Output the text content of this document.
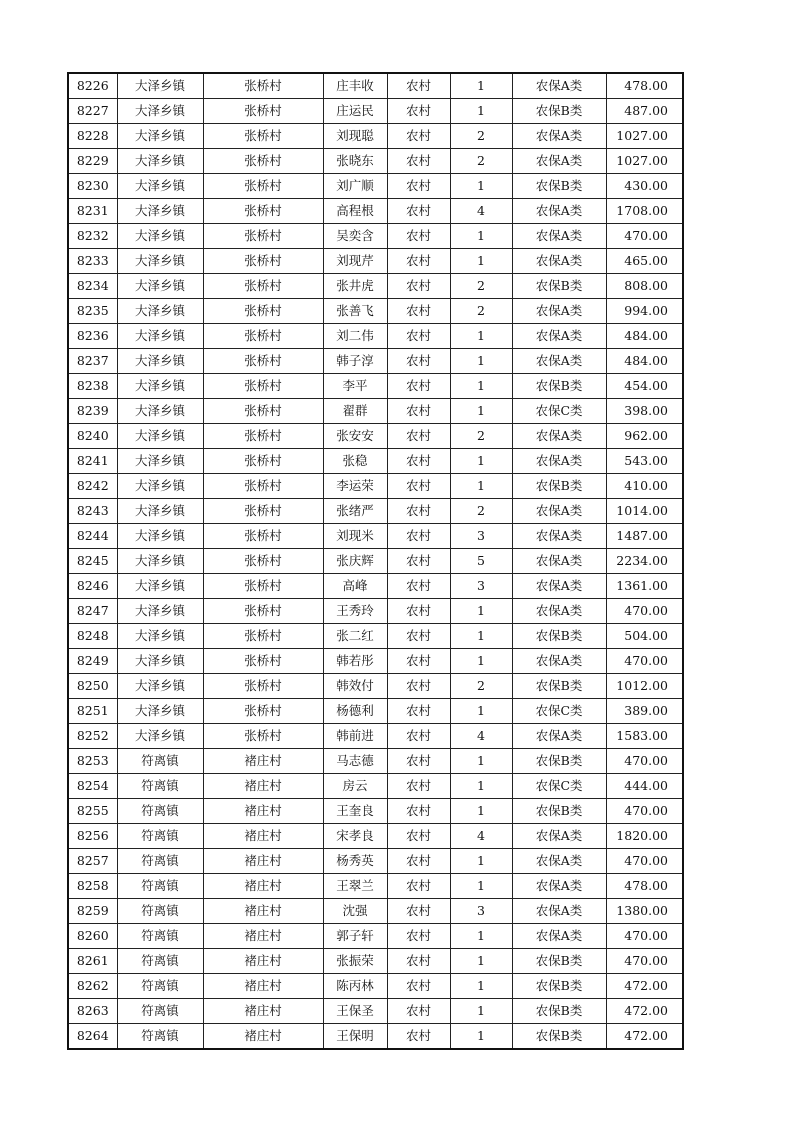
8226	大泽乡镇	张桥村	庄丰收	农村	1	农保A类	478.00
8227	大泽乡镇	张桥村	庄运民	农村	1	农保B类	487.00
8228	大泽乡镇	张桥村	刘现聪	农村	2	农保A类	1027.00
8229	大泽乡镇	张桥村	张晓东	农村	2	农保A类	1027.00
8230	大泽乡镇	张桥村	刘广顺	农村	1	农保B类	430.00
8231	大泽乡镇	张桥村	高程根	农村	4	农保A类	1708.00
8232	大泽乡镇	张桥村	吴奕含	农村	1	农保A类	470.00
8233	大泽乡镇	张桥村	刘现芹	农村	1	农保A类	465.00
8234	大泽乡镇	张桥村	张井虎	农村	2	农保B类	808.00
8235	大泽乡镇	张桥村	张善飞	农村	2	农保A类	994.00
8236	大泽乡镇	张桥村	刘二伟	农村	1	农保A类	484.00
8237	大泽乡镇	张桥村	韩子淳	农村	1	农保A类	484.00
8238	大泽乡镇	张桥村	李平	农村	1	农保B类	454.00
8239	大泽乡镇	张桥村	翟群	农村	1	农保C类	398.00
8240	大泽乡镇	张桥村	张安安	农村	2	农保A类	962.00
8241	大泽乡镇	张桥村	张稳	农村	1	农保A类	543.00
8242	大泽乡镇	张桥村	李运荣	农村	1	农保B类	410.00
8243	大泽乡镇	张桥村	张绪严	农村	2	农保A类	1014.00
8244	大泽乡镇	张桥村	刘现米	农村	3	农保A类	1487.00
8245	大泽乡镇	张桥村	张庆辉	农村	5	农保A类	2234.00
8246	大泽乡镇	张桥村	高峰	农村	3	农保A类	1361.00
8247	大泽乡镇	张桥村	王秀玲	农村	1	农保A类	470.00
8248	大泽乡镇	张桥村	张二红	农村	1	农保B类	504.00
8249	大泽乡镇	张桥村	韩若彤	农村	1	农保A类	470.00
8250	大泽乡镇	张桥村	韩效付	农村	2	农保B类	1012.00
8251	大泽乡镇	张桥村	杨德利	农村	1	农保C类	389.00
8252	大泽乡镇	张桥村	韩前进	农村	4	农保A类	1583.00
8253	符离镇	褚庄村	马志德	农村	1	农保B类	470.00
8254	符离镇	褚庄村	房云	农村	1	农保C类	444.00
8255	符离镇	褚庄村	王奎良	农村	1	农保B类	470.00
8256	符离镇	褚庄村	宋孝良	农村	4	农保A类	1820.00
8257	符离镇	褚庄村	杨秀英	农村	1	农保A类	470.00
8258	符离镇	褚庄村	王翠兰	农村	1	农保A类	478.00
8259	符离镇	褚庄村	沈强	农村	3	农保A类	1380.00
8260	符离镇	褚庄村	郭子轩	农村	1	农保A类	470.00
8261	符离镇	褚庄村	张振荣	农村	1	农保B类	470.00
8262	符离镇	褚庄村	陈丙林	农村	1	农保B类	472.00
8263	符离镇	褚庄村	王保圣	农村	1	农保B类	472.00
8264	符离镇	褚庄村	王保明	农村	1	农保B类	472.00
